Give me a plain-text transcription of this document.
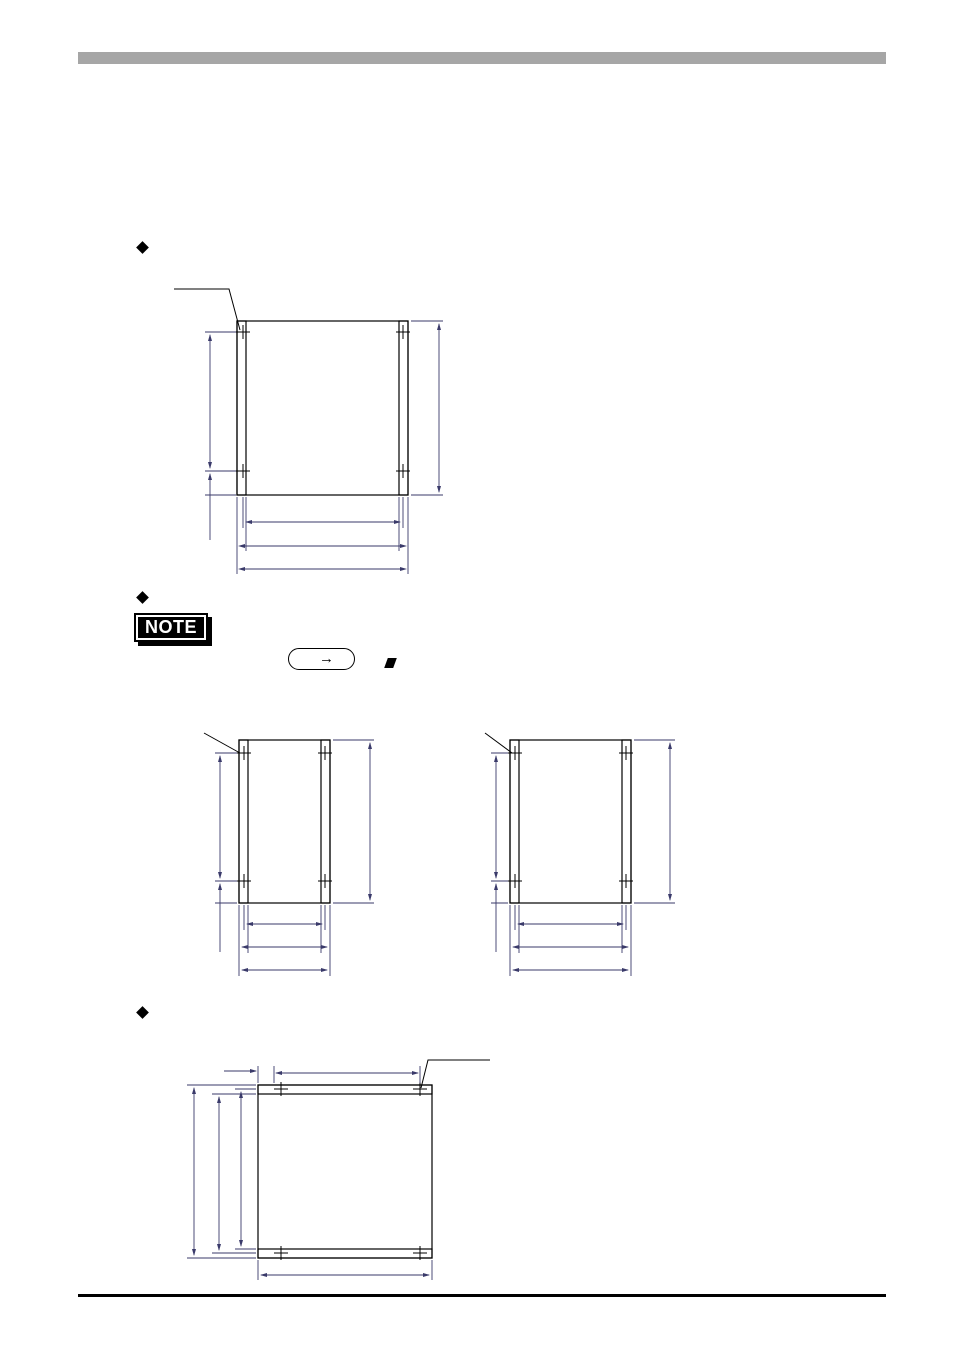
NOTE
→
